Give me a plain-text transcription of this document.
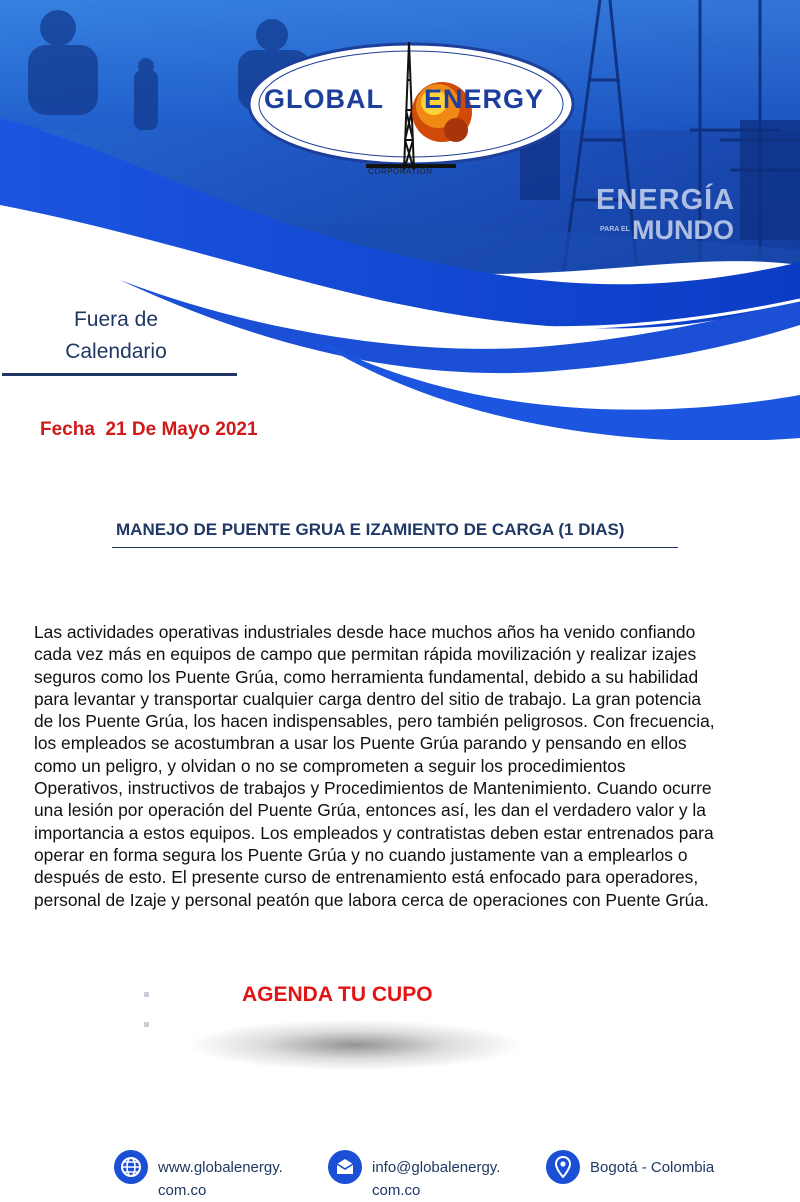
GLOBAL ENERGY
CORPORATION
ENERGÍA
PARA EL MUNDO
Fuera de
Calendario
Fecha  21 De Mayo 2021
MANEJO DE PUENTE GRUA E IZAMIENTO DE CARGA (1 DIAS)
Las actividades operativas industriales desde hace muchos años ha venido confiando
cada vez más en equipos de campo que permitan rápida movilización y realizar izajes
seguros como los Puente Grúa, como herramienta fundamental, debido a su habilidad
para levantar y transportar cualquier carga dentro del sitio de trabajo. La gran potencia
de los Puente Grúa, los hacen indispensables, pero también peligrosos. Con frecuencia,
los empleados se acostumbran a usar los Puente Grúa parando y pensando en ellos
como un peligro, y olvidan o no se comprometen a seguir los procedimientos
Operativos, instructivos de trabajos y Procedimientos de Mantenimiento. Cuando ocurre
una lesión por operación del Puente Grúa, entonces así, les dan el verdadero valor y la
importancia a estos equipos. Los empleados y contratistas deben estar entrenados para
operar en forma segura los Puente Grúa y no cuando justamente van a emplearlos o
después de esto. El presente curso de entrenamiento está enfocado para operadores,
personal de Izaje y personal peatón que labora cerca de operaciones con Puente Grúa.
AGENDA TU CUPO
www.globalenergy.
com.co
info@globalenergy.
com.co
Bogotá - Colombia
